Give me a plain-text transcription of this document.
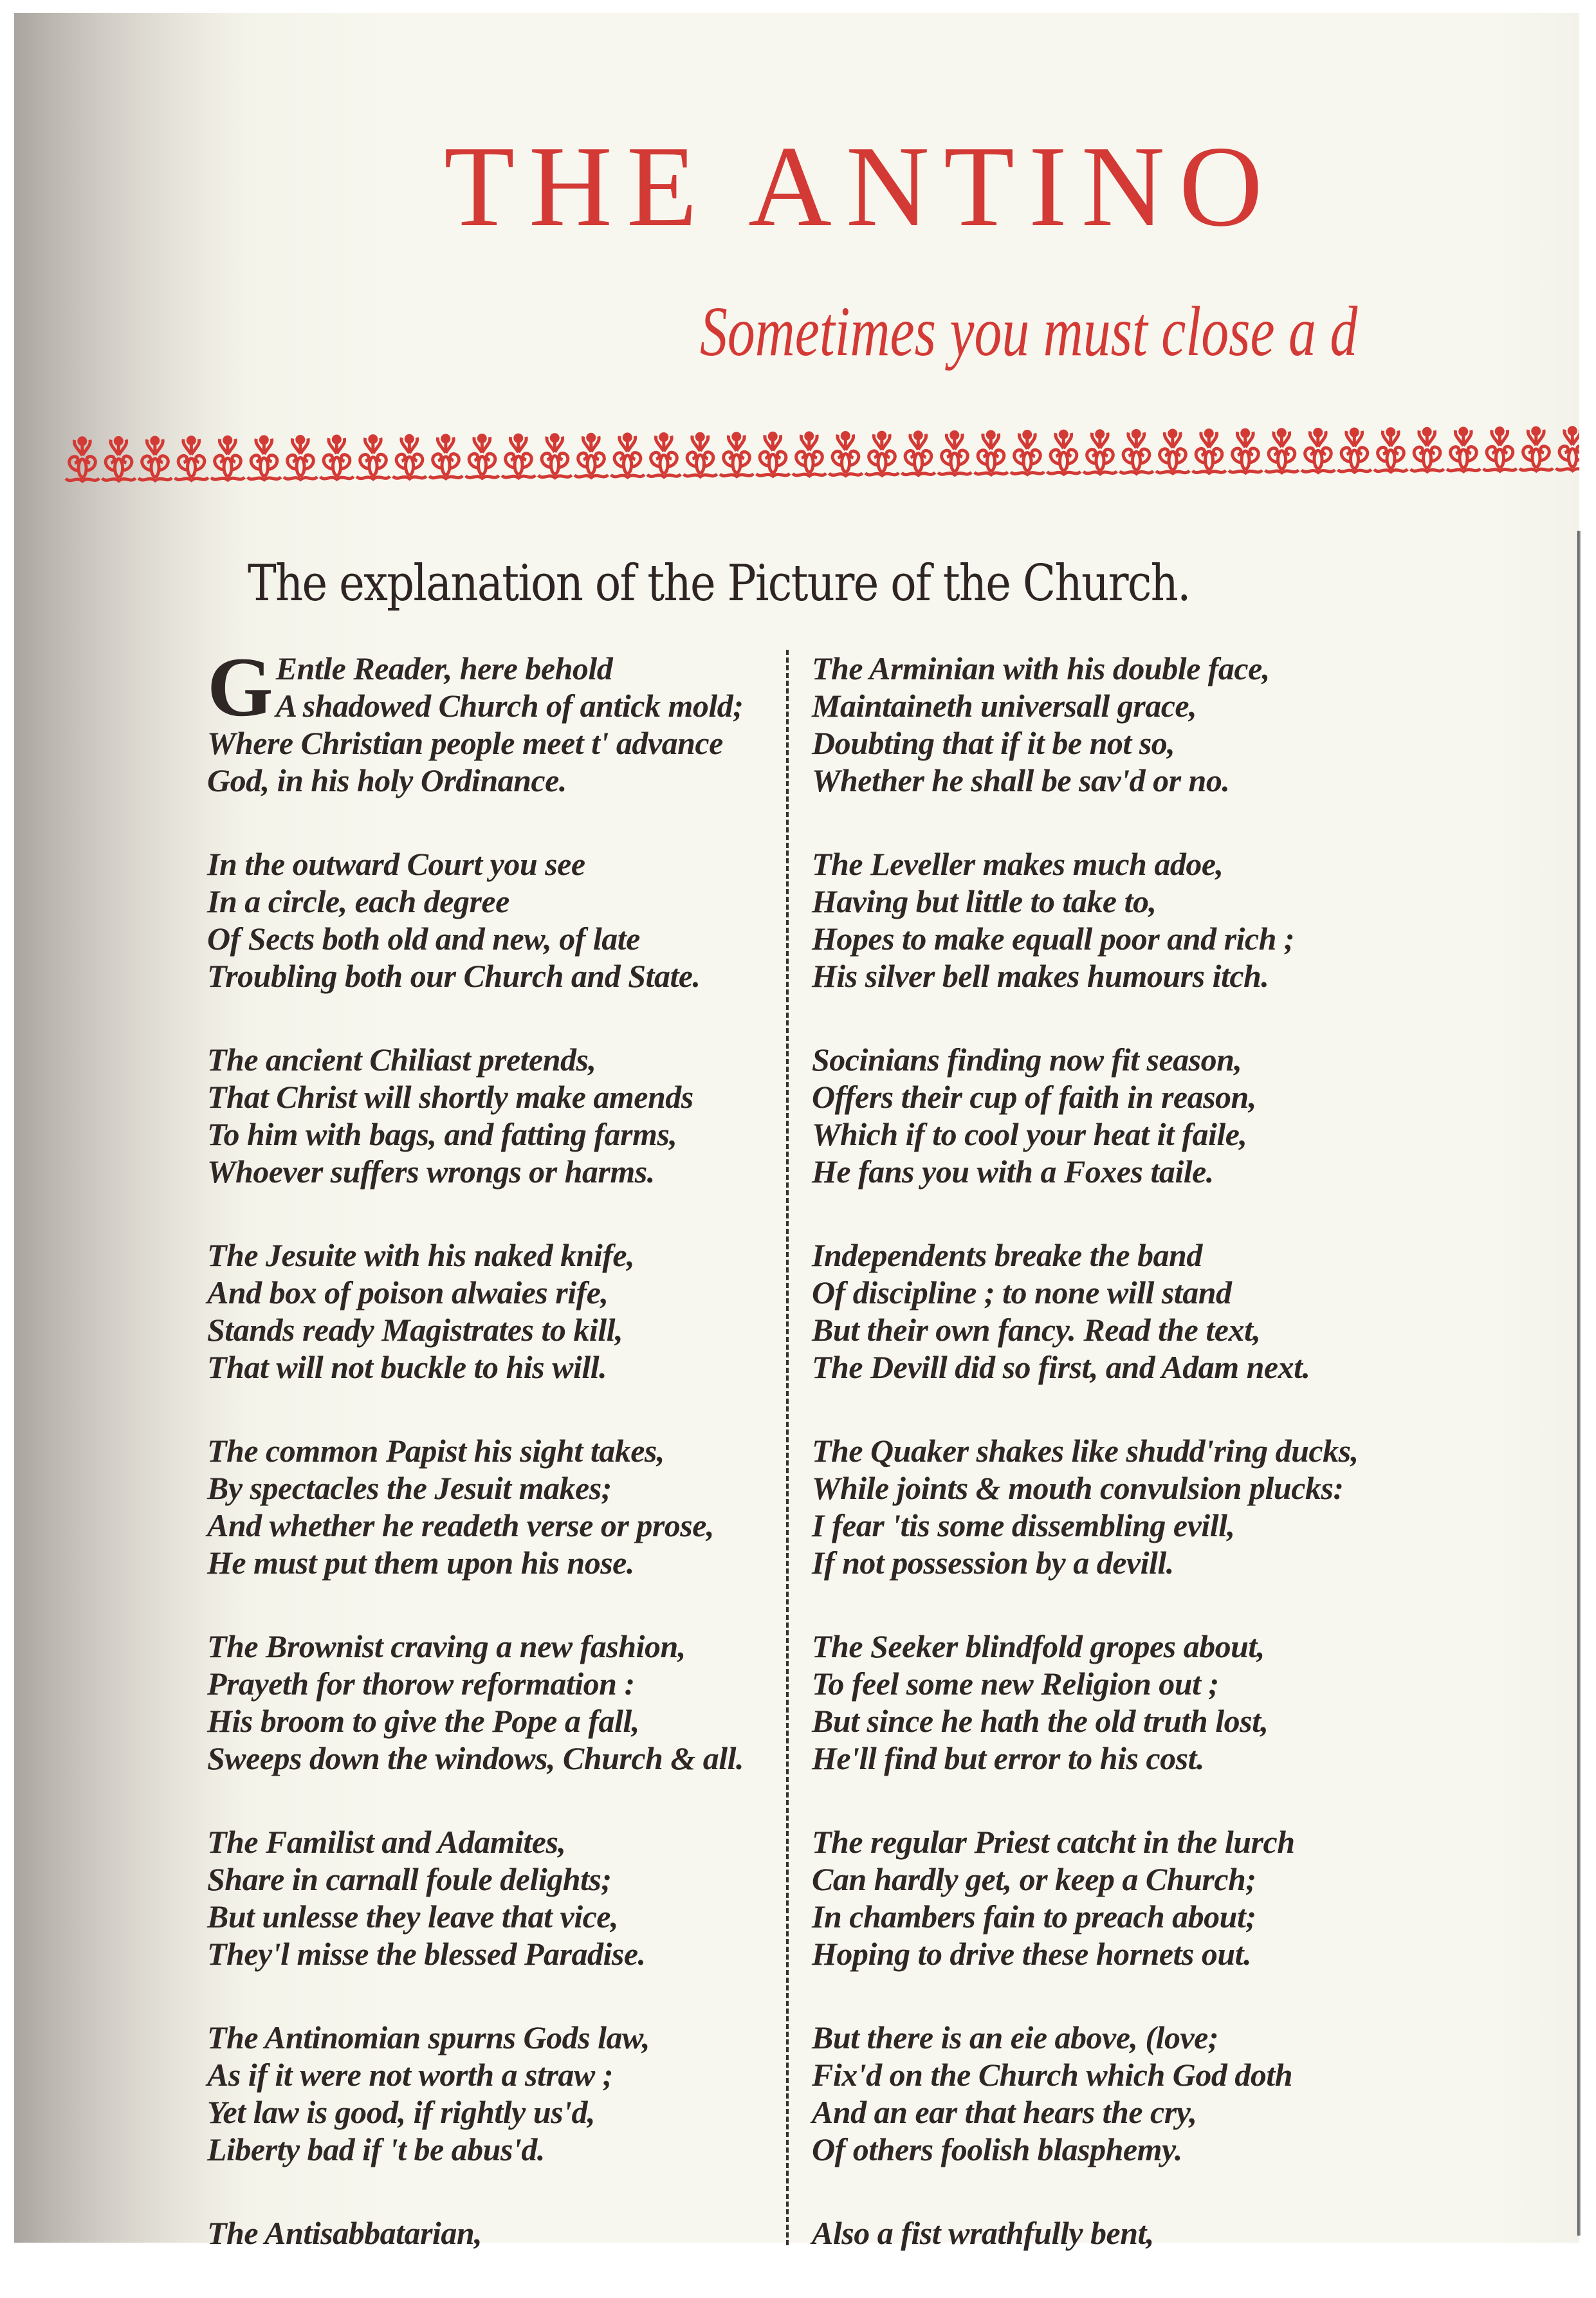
THE ANTINO
Sometimes you must close a d
The explanation of the Picture of the Church.
G Entle Reader, here behold
A shadowed Church of antick mold;
Where Christian people meet t' advance
God, in his holy Ordinance.
In the outward Court you see
In a circle, each degree
Of Sects both old and new, of late
Troubling both our Church and State.
The ancient Chiliast pretends,
That Christ will shortly make amends
To him with bags, and fatting farms,
Whoever suffers wrongs or harms.
The Jesuite with his naked knife,
And box of poison alwaies rife,
Stands ready Magistrates to kill,
That will not buckle to his will.
The common Papist his sight takes,
By spectacles the Jesuit makes;
And whether he readeth verse or prose,
He must put them upon his nose.
The Brownist craving a new fashion,
Prayeth for thorow reformation :
His broom to give the Pope a fall,
Sweeps down the windows, Church & all.
The Familist and Adamites,
Share in carnall foule delights;
But unlesse they leave that vice,
They'l misse the blessed Paradise.
The Antinomian spurns Gods law,
As if it were not worth a straw ;
Yet law is good, if rightly us'd,
Liberty bad if 't be abus'd.
The Antisabbatarian,
The Arminian with his double face,
Maintaineth universall grace,
Doubting that if it be not so,
Whether he shall be sav'd or no.
The Leveller makes much adoe,
Having but little to take to,
Hopes to make equall poor and rich ;
His silver bell makes humours itch.
Socinians finding now fit season,
Offers their cup of faith in reason,
Which if to cool your heat it faile,
He fans you with a Foxes taile.
Independents breake the band
Of discipline ; to none will stand
But their own fancy. Read the text,
The Devill did so first, and Adam next.
The Quaker shakes like shudd'ring ducks,
While joints & mouth convulsion plucks:
I fear 'tis some dissembling evill,
If not possession by a devill.
The Seeker blindfold gropes about,
To feel some new Religion out ;
But since he hath the old truth lost,
He'll find but error to his cost.
The regular Priest catcht in the lurch
Can hardly get, or keep a Church;
In chambers fain to preach about;
Hoping to drive these hornets out.
But there is an eie above, (love;
Fix'd on the Church which God doth
And an ear that hears the cry,
Of others foolish blasphemy.
Also a fist wrathfully bent,
